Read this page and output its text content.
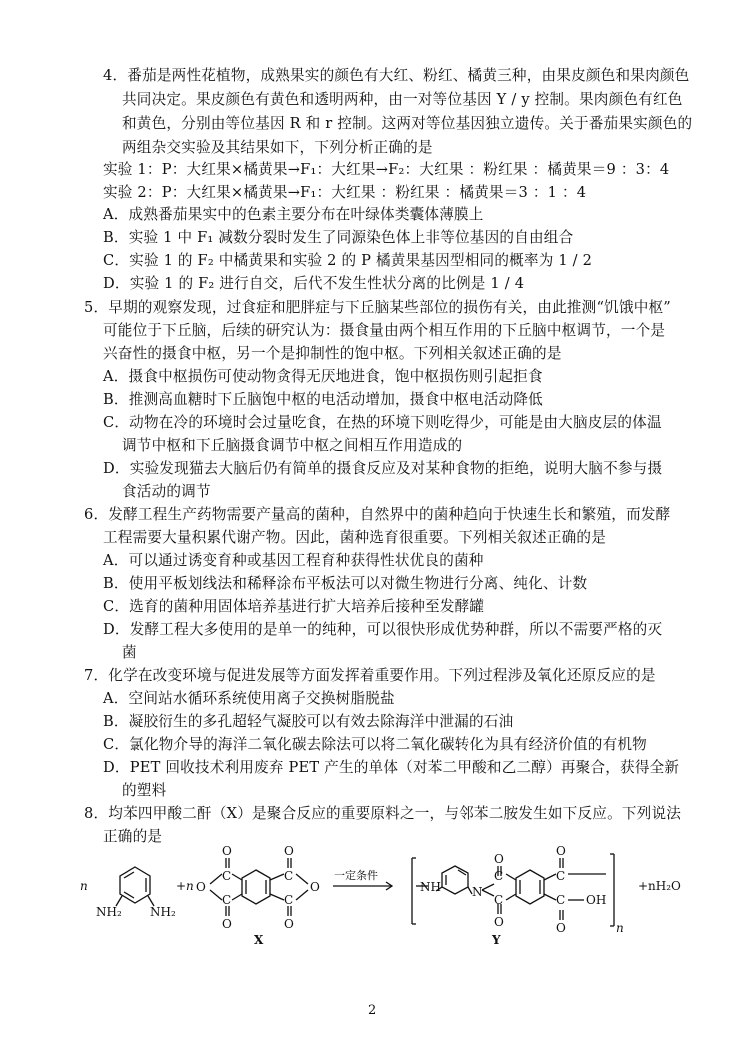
4．番茄是两性花植物，成熟果实的颜色有大红、粉红、橘黄三种，由果皮颜色和果肉颜色
共同决定。果皮颜色有黄色和透明两种，由一对等位基因 Y / y 控制。果肉颜色有红色
和黄色，分别由等位基因 R 和 r 控制。这两对等位基因独立遗传。关于番茄果实颜色的
两组杂交实验及其结果如下，下列分析正确的是
实验 1：P：大红果×橘黄果→F₁：大红果→F₂：大红果 ：粉红果 ：橘黄果＝9 ：3：4
实验 2：P：大红果×橘黄果→F₁：大红果 ：粉红果 ：橘黄果＝3 ：1 ：4
A．成熟番茄果实中的色素主要分布在叶绿体类囊体薄膜上
B．实验 1 中 F₁ 减数分裂时发生了同源染色体上非等位基因的自由组合
C．实验 1 的 F₂ 中橘黄果和实验 2 的 P 橘黄果基因型相同的概率为 1 / 2
D．实验 1 的 F₂ 进行自交，后代不发生性状分离的比例是 1 / 4
5．早期的观察发现，过食症和肥胖症与下丘脑某些部位的损伤有关，由此推测“饥饿中枢”
可能位于下丘脑，后续的研究认为：摄食量由两个相互作用的下丘脑中枢调节，一个是
兴奋性的摄食中枢，另一个是抑制性的饱中枢。下列相关叙述正确的是
A．摄食中枢损伤可使动物贪得无厌地进食，饱中枢损伤则引起拒食
B．推测高血糖时下丘脑饱中枢的电活动增加，摄食中枢电活动降低
C．动物在冷的环境时会过量吃食，在热的环境下则吃得少，可能是由大脑皮层的体温
调节中枢和下丘脑摄食调节中枢之间相互作用造成的
D．实验发现猫去大脑后仍有简单的摄食反应及对某种食物的拒绝，说明大脑不参与摄
食活动的调节
6．发酵工程生产药物需要产量高的菌种，自然界中的菌种趋向于快速生长和繁殖，而发酵
工程需要大量积累代谢产物。因此，菌种选育很重要。下列相关叙述正确的是
A．可以通过诱变育种或基因工程育种获得性状优良的菌种
B．使用平板划线法和稀释涂布平板法可以对微生物进行分离、纯化、计数
C．选育的菌种用固体培养基进行扩大培养后接种至发酵罐
D．发酵工程大多使用的是单一的纯种，可以很快形成优势种群，所以不需要严格的灭
菌
7．化学在改变环境与促进发展等方面发挥着重要作用。下列过程涉及氧化还原反应的是
A．空间站水循环系统使用离子交换树脂脱盐
B．凝胶衍生的多孔超轻气凝胶可以有效去除海洋中泄漏的石油
C．氯化物介导的海洋二氧化碳去除法可以将二氧化碳转化为具有经济价值的有机物
D．PET 回收技术利用废弃 PET 产生的单体（对苯二甲酸和乙二醇）再聚合，获得全新
的塑料
8．均苯四甲酸二酐（X）是聚合反应的重要原料之一，与邻苯二胺发生如下反应。下列说法
正确的是
n
NH₂ NH₂
+n O
O
C
C
O
O
C
C
O
O
一定条件
NH	N
O
C
C
O
O
C
C
O
OH
n
+nH₂O
X	Y
2
